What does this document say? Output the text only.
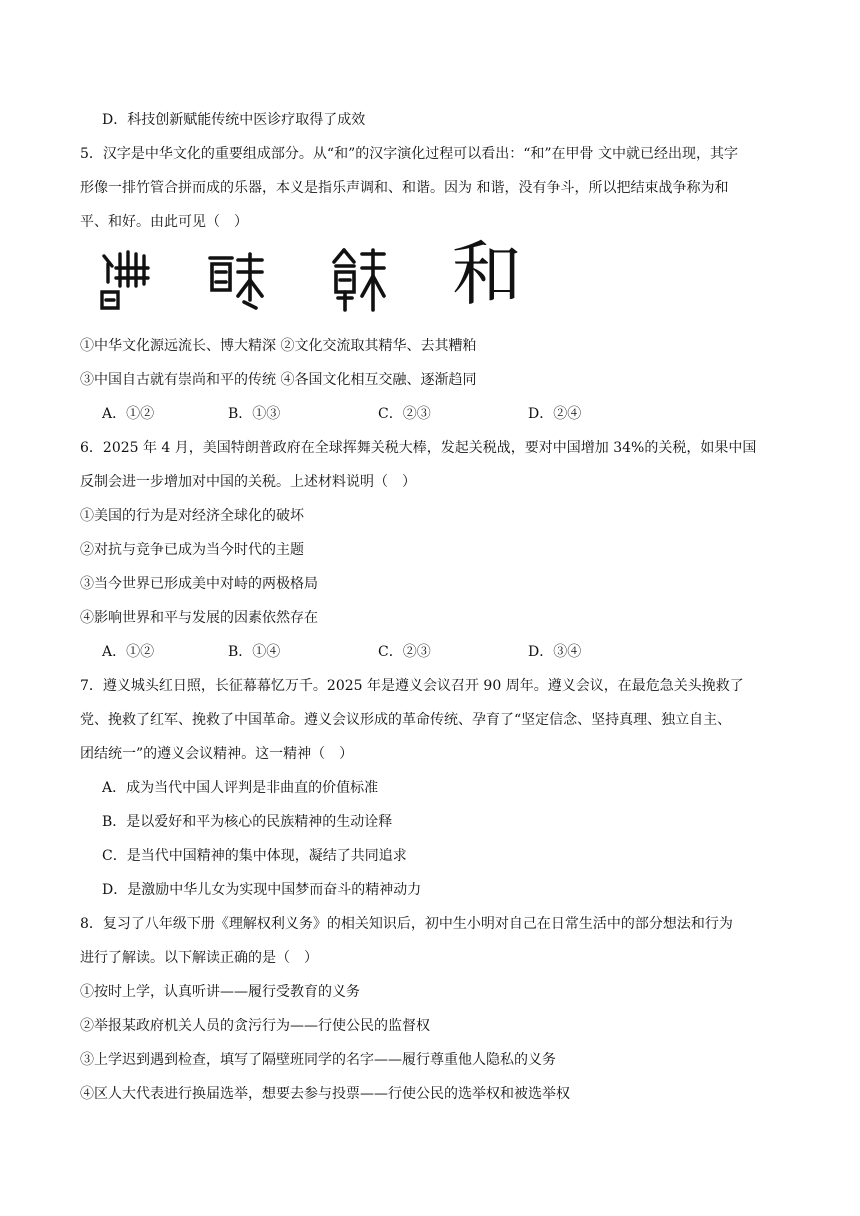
D．科技创新赋能传统中医诊疗取得了成效
5．汉字是中华文化的重要组成部分。从“和”的汉字演化过程可以看出：“和”在甲骨 文中就已经出现，其字
形像一排竹管合拼而成的乐器，本义是指乐声调和、和谐。因为 和谐，没有争斗，所以把结束战争称为和
平、和好。由此可见（　）
和
①中华文化源远流长、博大精深 ②文化交流取其精华、去其糟粕
③中国自古就有崇尚和平的传统 ④各国文化相互交融、逐渐趋同
A．①②	B．①③	C．②③	D．②④
6．2025 年 4 月，美国特朗普政府在全球挥舞关税大棒，发起关税战，要对中国增加 34%的关税，如果中国
反制会进一步增加对中国的关税。上述材料说明（　）
①美国的行为是对经济全球化的破坏
②对抗与竞争已成为当今时代的主题
③当今世界已形成美中对峙的两极格局
④影响世界和平与发展的因素依然存在
A．①②	B．①④	C．②③	D．③④
7．遵义城头红日照，长征幕幕忆万千。2025 年是遵义会议召开 90 周年。遵义会议，在最危急关头挽救了
党、挽救了红军、挽救了中国革命。遵义会议形成的革命传统、孕育了“坚定信念、坚持真理、独立自主、
团结统一”的遵义会议精神。这一精神（　）
A．成为当代中国人评判是非曲直的价值标准
B．是以爱好和平为核心的民族精神的生动诠释
C．是当代中国精神的集中体现，凝结了共同追求
D．是激励中华儿女为实现中国梦而奋斗的精神动力
8．复习了八年级下册《理解权利义务》的相关知识后，初中生小明对自己在日常生活中的部分想法和行为
进行了解读。以下解读正确的是（　）
①按时上学，认真听讲——履行受教育的义务
②举报某政府机关人员的贪污行为——行使公民的监督权
③上学迟到遇到检查，填写了隔壁班同学的名字——履行尊重他人隐私的义务
④区人大代表进行换届选举，想要去参与投票——行使公民的选举权和被选举权
